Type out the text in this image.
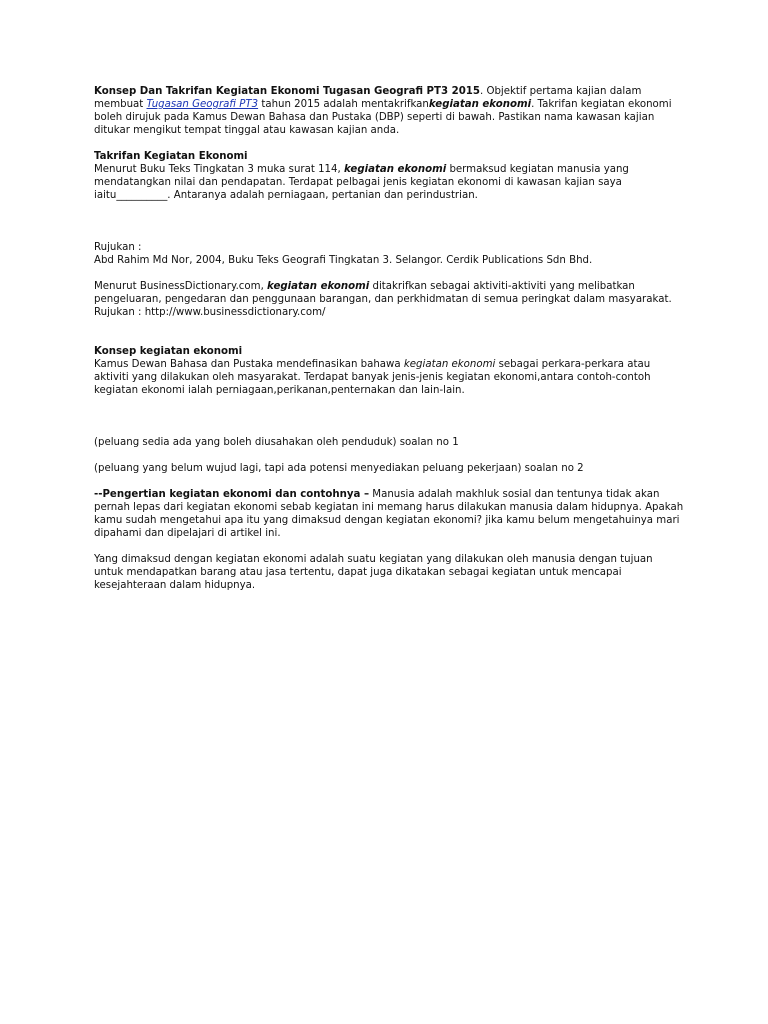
Konsep Dan Takrifan Kegiatan Ekonomi Tugasan Geografi PT3 2015. Objektif pertama kajian dalam membuat Tugasan Geografi PT3 tahun 2015 adalah mentakrifkankegiatan ekonomi. Takrifan kegiatan ekonomi boleh dirujuk pada Kamus Dewan Bahasa dan Pustaka (DBP) seperti di bawah. Pastikan nama kawasan kajian ditukar mengikut tempat tinggal atau kawasan kajian anda.

Takrifan Kegiatan Ekonomi

Menurut Buku Teks Tingkatan 3 muka surat 114, kegiatan ekonomi bermaksud kegiatan manusia yang mendatangkan nilai dan pendapatan. Terdapat pelbagai jenis kegiatan ekonomi di kawasan kajian saya iaitu__________. Antaranya adalah perniagaan, pertanian dan perindustrian.

Rujukan :

Abd Rahim Md Nor, 2004, Buku Teks Geografi Tingkatan 3. Selangor. Cerdik Publications Sdn Bhd.

Menurut BusinessDictionary.com, kegiatan ekonomi ditakrifkan sebagai aktiviti-aktiviti yang melibatkan pengeluaran, pengedaran dan penggunaan barangan, dan perkhidmatan di semua peringkat dalam masyarakat.

Rujukan : http://www.businessdictionary.com/

Konsep kegiatan ekonomi

Kamus Dewan Bahasa dan Pustaka mendefinasikan bahawa kegiatan ekonomi sebagai perkara-perkara atau aktiviti yang dilakukan oleh masyarakat. Terdapat banyak jenis-jenis kegiatan ekonomi,antara contoh-contoh kegiatan ekonomi ialah perniagaan,perikanan,penternakan dan lain-lain.

(peluang sedia ada yang boleh diusahakan oleh penduduk) soalan no 1

(peluang yang belum wujud lagi, tapi ada potensi menyediakan peluang pekerjaan) soalan no 2

--Pengertian kegiatan ekonomi dan contohnya – Manusia adalah makhluk sosial dan tentunya tidak akan pernah lepas dari kegiatan ekonomi sebab kegiatan ini memang harus dilakukan manusia dalam hidupnya. Apakah kamu sudah mengetahui apa itu yang dimaksud dengan kegiatan ekonomi? jika kamu belum mengetahuinya mari dipahami dan dipelajari di artikel ini.

Yang dimaksud dengan kegiatan ekonomi adalah suatu kegiatan yang dilakukan oleh manusia dengan tujuan untuk mendapatkan barang atau jasa tertentu, dapat juga dikatakan sebagai kegiatan untuk mencapai kesejahteraan dalam hidupnya.
